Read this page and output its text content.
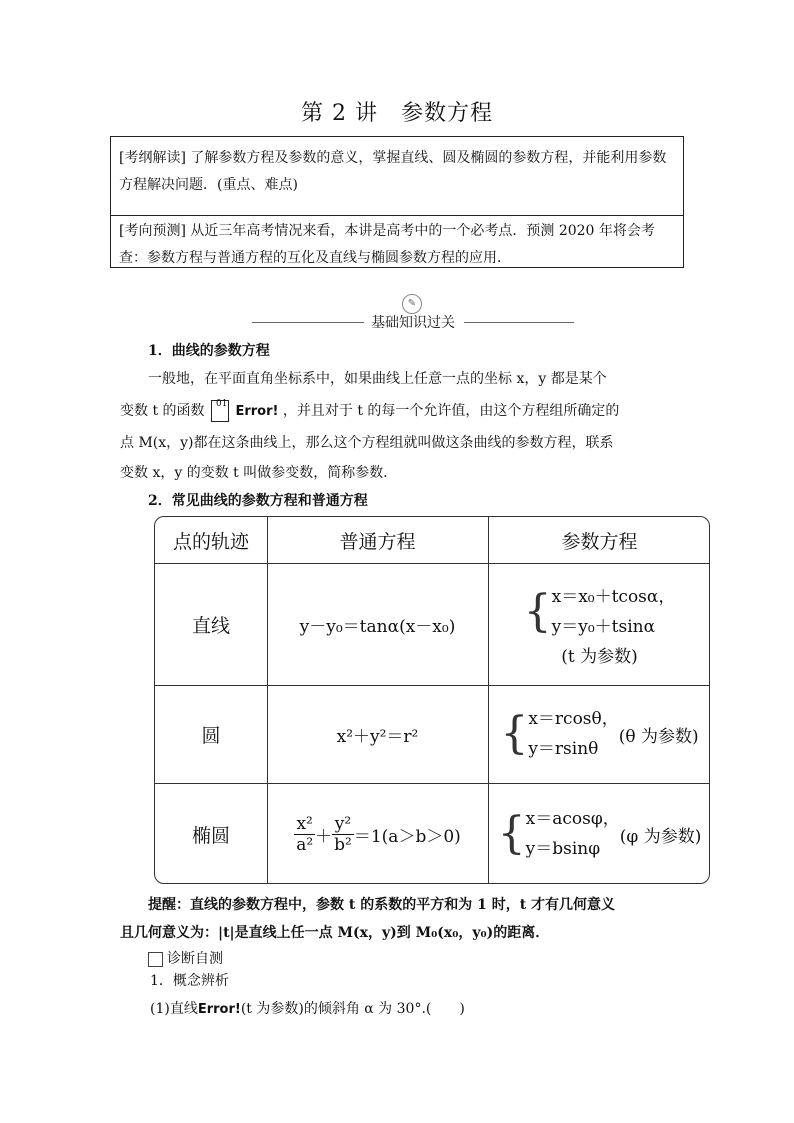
第 2 讲　参数方程
[考纲解读] 了解参数方程及参数的意义，掌握直线、圆及椭圆的参数方程，并能利用参数方程解决问题．(重点、难点)
[考向预测] 从近三年高考情况来看，本讲是高考中的一个必考点．预测 2020 年将会考查：参数方程与普通方程的互化及直线与椭圆参数方程的应用．
✎
基础知识过关
1．曲线的参数方程
一般地，在平面直角坐标系中，如果曲线上任意一点的坐标 x，y 都是某个
变数 t 的函数 01 Error! ，并且对于 t 的每一个允许值，由这个方程组所确定的
点 M(x，y)都在这条曲线上，那么这个方程组就叫做这条曲线的参数方程，联系
变数 x，y 的变数 t 叫做参变数，简称参数．
2．常见曲线的参数方程和普通方程
点的轨迹	普通方程	参数方程
直线	y－y₀＝tanα(x－x₀)	{ x＝x₀＋tcosα，
y＝y₀＋tsinα
(t 为参数)
圆	x²＋y²＝r²	{ x＝rcosθ，
y＝rsinθ
(θ 为参数)
椭圆	$\frac{\text{x²}}{\text{a²}} + \frac{\text{y²}}{\text{b²}} =1(a>b>0)$ { x＝acosφ，
y＝bsinφ
(φ 为参数)
提醒：直线的参数方程中，参数 t 的系数的平方和为 1 时，t 才有几何意义
且几何意义为：|t|是直线上任一点 M(x，y)到 M₀(x₀，y₀)的距离．
诊断自测
1．概念辨析
(1)直线Error!(t 为参数)的倾斜角 α 为 30°.(　　)
